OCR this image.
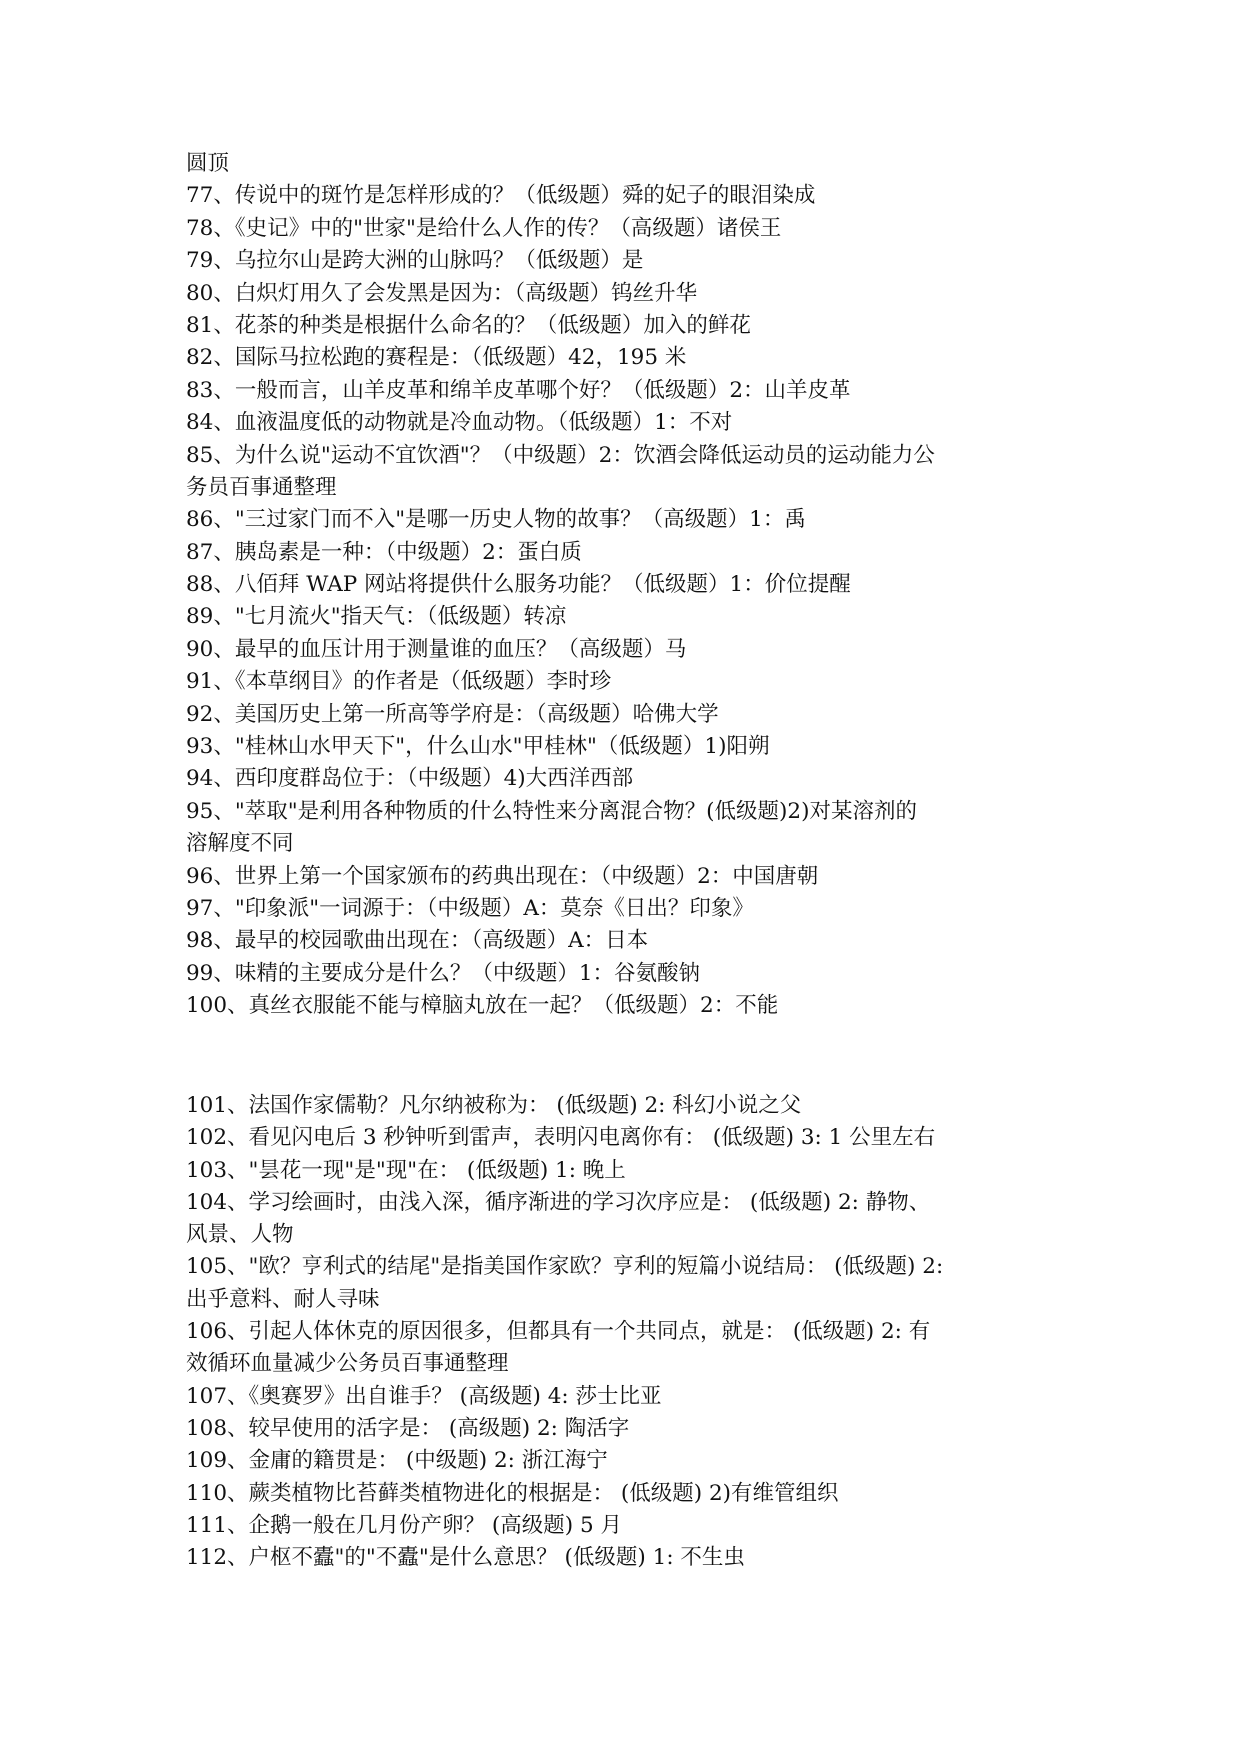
圆顶
77、传说中的斑竹是怎样形成的？（低级题）舜的妃子的眼泪染成
78、《史记》中的"世家"是给什么人作的传？（高级题）诸侯王
79、乌拉尔山是跨大洲的山脉吗？（低级题）是
80、白炽灯用久了会发黑是因为：（高级题）钨丝升华
81、花茶的种类是根据什么命名的？（低级题）加入的鲜花
82、国际马拉松跑的赛程是：（低级题）42，195 米
83、一般而言，山羊皮革和绵羊皮革哪个好？（低级题）2：山羊皮革
84、血液温度低的动物就是冷血动物。（低级题）1：不对
85、为什么说"运动不宜饮酒"？（中级题）2：饮酒会降低运动员的运动能力公
务员百事通整理
86、"三过家门而不入"是哪一历史人物的故事？（高级题）1：禹
87、胰岛素是一种：（中级题）2：蛋白质
88、八佰拜 WAP 网站将提供什么服务功能？（低级题）1：价位提醒
89、"七月流火"指天气：（低级题）转凉
90、最早的血压计用于测量谁的血压？（高级题）马
91、《本草纲目》的作者是（低级题）李时珍
92、美国历史上第一所高等学府是：（高级题）哈佛大学
93、"桂林山水甲天下"，什么山水"甲桂林"（低级题）1)阳朔
94、西印度群岛位于：（中级题）4)大西洋西部
95、"萃取"是利用各种物质的什么特性来分离混合物？(低级题)2)对某溶剂的
溶解度不同
96、世界上第一个国家颁布的药典出现在：（中级题）2：中国唐朝
97、"印象派"一词源于：（中级题）A：莫奈《日出？印象》
98、最早的校园歌曲出现在：（高级题）A：日本
99、味精的主要成分是什么？（中级题）1：谷氨酸钠
100、真丝衣服能不能与樟脑丸放在一起？（低级题）2：不能
101、法国作家儒勒？凡尔纳被称为： (低级题) 2: 科幻小说之父
102、看见闪电后 3 秒钟听到雷声，表明闪电离你有： (低级题) 3: 1 公里左右
103、"昙花一现"是"现"在： (低级题) 1: 晚上
104、学习绘画时，由浅入深，循序渐进的学习次序应是： (低级题) 2: 静物、
风景、人物
105、"欧？亨利式的结尾"是指美国作家欧？亨利的短篇小说结局： (低级题) 2:
出乎意料、耐人寻味
106、引起人体休克的原因很多，但都具有一个共同点，就是： (低级题) 2: 有
效循环血量减少公务员百事通整理
107、《奥赛罗》出自谁手？ (高级题) 4: 莎士比亚
108、较早使用的活字是： (高级题) 2: 陶活字
109、金庸的籍贯是： (中级题) 2: 浙江海宁
110、蕨类植物比苔藓类植物进化的根据是： (低级题) 2)有维管组织
111、企鹅一般在几月份产卵？ (高级题) 5 月
112、户枢不蠹"的"不蠹"是什么意思？ (低级题) 1: 不生虫
